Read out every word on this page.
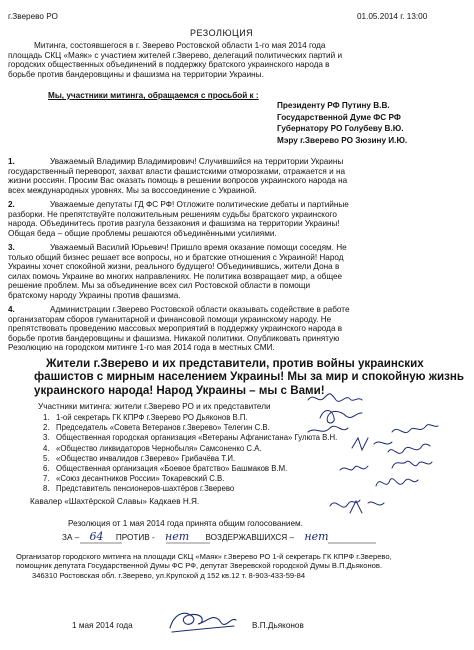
г.Зверево РО	01.05.2014 г. 13:00
РЕЗОЛЮЦИЯ
Митинга, состоявшегося в г. Зверево Ростовской области 1-го мая 2014 года
площадь СКЦ «Маяк» с участием жителей г.Зверево, делегаций политических партий и
городских общественных объединений в поддержку братского украинского народа в
борьбе против бандеровщины и фашизма на территории Украины.
Мы, участники митинга, обращаемся с просьбой к :
Президенту РФ Путину В.В.
Государственной Думе ФС РФ
Губернатору РО Голубеву В.Ю.
Мэру г.Зверево РО Зюзину И.Ю.
1.	Уважаемый Владимир Владимирович! Случившийся на территории Украины
государственный переворот, захват власти фашистскими отморозками, отражается и на
жизни россиян. Просим Вас оказать помощь в решении вопросов украинского народа на
всех международных уровнях. Мы за воссоединение с Украиной.
2.	Уважаемые депутаты ГД ФС РФ! Отложите политические дебаты и партийные
разборки. Не препятствуйте положительным решениям судьбы братского украинского
народа. Объединитесь против разгула беззакония и фашизма на территории Украины!
Общая беда – общие проблемы решаются объединёнными усилиями.
3.	Уважаемый Василий Юрьевич! Пришло время оказание помощи соседям. Не
только общий бизнес решает все вопросы, но и братские отношения с Украиной! Народ
Украины хочет спокойной жизни, реального будущего! Объединившись, жители Дона в
силах помочь Украине во многих направлениях. Не политика возвращает мир, а общее
решение проблем. Мы за объединение всех сил Ростовской области в помощи
братскому народу Украины против фашизма.
4.	Администрации г.Зверево Ростовской области оказывать содействие в работе
организаторам сборов гуманитарной и финансовой помощи украинскому народу. Не
препятствовать проведению массовых мероприятий в поддержку украинского народа в
борьбе против бандеровщины и фашизма. Никакой политики. Опубликовать принятую
Резолюцию на городском митинге 1-го мая 2014 года в местных СМИ.
Жители г.Зверево и их представители, против войны украинских
фашистов с мирным населением Украины! Мы за мир и спокойную жизнь
украинского народа! Народ Украины – мы с Вами!
Участники митинга: жители г.Зверево РО и их представители
1. 1-ой секретарь ГК КПРФ г.Зверево РО Дьяконов В.П.
2. Председатель «Совета Ветеранов г.Зверево» Телегин С.В.
3. Общественная городская организация «Ветераны Афганистана» Гулюта В.Н.
4. «Общество ликвидаторов Чернобыля» Самсоненко С.А.
5. «Общество инвалидов г.Зверево» Грибачёва Т.И.
6. Общественная организация «Боевое братство» Башмаков В.М.
7. «Союз десантников России» Токаревский С.В.
8. Представитель пенсионеров-шахтёров г.Зверево
Кавалер «Шахтёрской Славы» Кадкаев Н.Я.
Резолюция от 1 мая 2014 года принята общим голосованием.
ЗА – 64 ПРОТИВ - нет ВОЗДЕРЖАВШИХСЯ – нет
Организатор городского митинга на площади СКЦ «Маяк» г.Зверево РО 1-й секретарь ГК КПРФ г.Зверево,
помощник депутата Государственной Думы ФС РФ, депутат Зверевской городской Думы В.П.Дьяконов.
346310 Ростовская обл. г.Зверево, ул.Крупской д 152 кв.12 т. 8-903-433-59-84
1 мая 2014 года	В.П.Дьяконов
